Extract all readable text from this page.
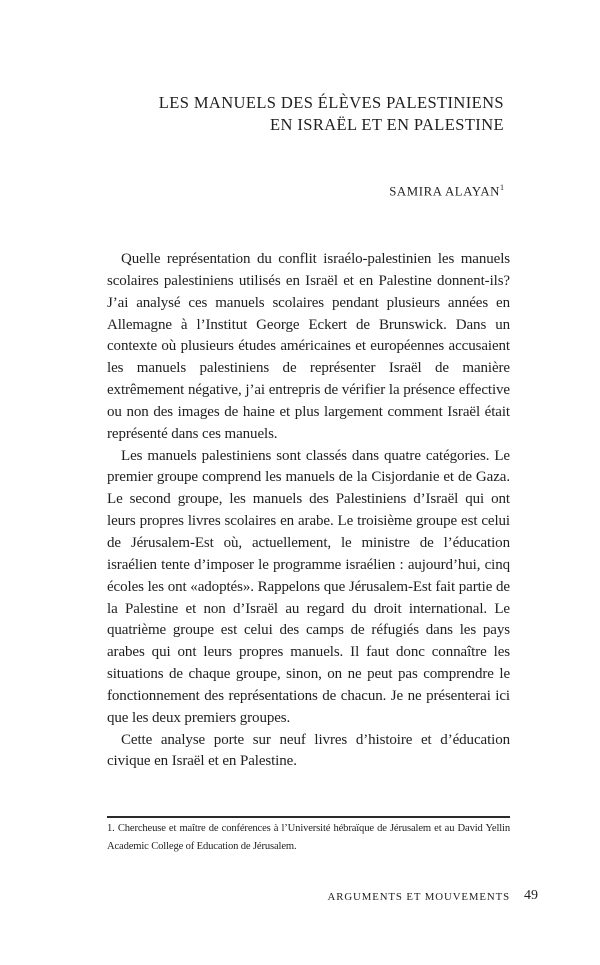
LES MANUELS DES ÉLÈVES PALESTINIENS
EN ISRAËL ET EN PALESTINE
SAMIRA ALAYAN$^1$

Quelle représentation du conflit israélo-palestinien les manuels scolaires palestiniens utilisés en Israël et en Palestine donnent-ils? J’ai analysé ces manuels scolaires pendant plusieurs années en Allemagne à l’Institut George Eckert de Brunswick. Dans un contexte où plusieurs études américaines et européennes accusaient les manuels palestiniens de représenter Israël de manière extrêmement négative, j’ai entrepris de vérifier la présence effective ou non des images de haine et plus largement comment Israël était représenté dans ces manuels.

Les manuels palestiniens sont classés dans quatre catégories. Le premier groupe comprend les manuels de la Cisjordanie et de Gaza. Le second groupe, les manuels des Palestiniens d’Israël qui ont leurs propres livres scolaires en arabe. Le troisième groupe est celui de Jérusalem-Est où, actuellement, le ministre de l’éducation israélien tente d’imposer le programme israélien : aujourd’hui, cinq écoles les ont «adoptés». Rappelons que Jérusalem-Est fait partie de la Palestine et non d’Israël au regard du droit international. Le quatrième groupe est celui des camps de réfugiés dans les pays arabes qui ont leurs propres manuels. Il faut donc connaître les situations de chaque groupe, sinon, on ne peut pas comprendre le fonctionnement des représentations de chacun. Je ne présenterai ici que les deux premiers groupes.

Cette analyse porte sur neuf livres d’histoire et d’éducation civique en Israël et en Palestine.

1. Chercheuse et maître de conférences à l’Université hébraïque de Jérusalem et au David Yellin Academic College of Education de Jérusalem.
ARGUMENTS ET MOUVEMENTS 49
